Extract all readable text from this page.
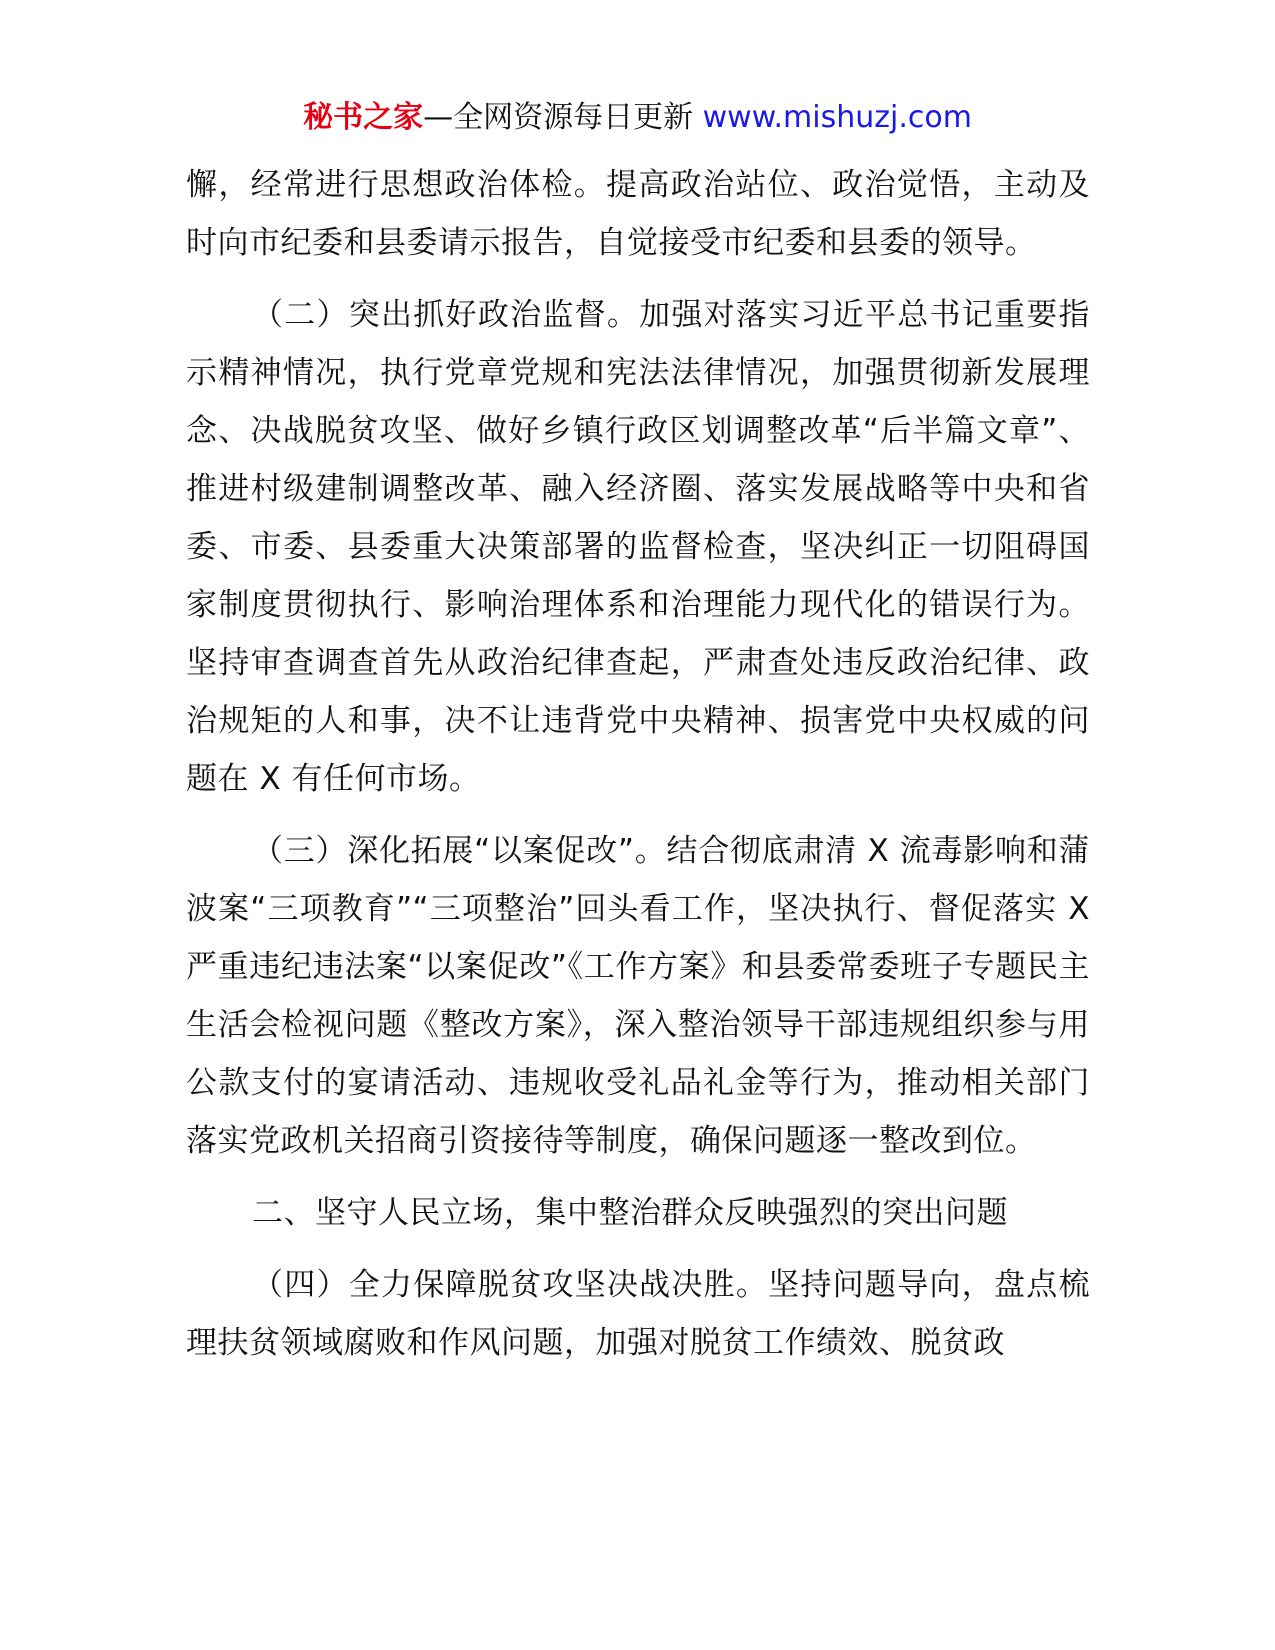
秘书之家—全网资源每日更新 www.mishuzj.com

懈，经常进行思想政治体检。提高政治站位、政治觉悟，主动及时向市纪委和县委请示报告，自觉接受市纪委和县委的领导。

（二）突出抓好政治监督。加强对落实习近平总书记重要指示精神情况，执行党章党规和宪法法律情况，加强贯彻新发展理念、决战脱贫攻坚、做好乡镇行政区划调整改革“后半篇文章”、推进村级建制调整改革、融入经济圈、落实发展战略等中央和省委、市委、县委重大决策部署的监督检查，坚决纠正一切阻碍国家制度贯彻执行、影响治理体系和治理能力现代化的错误行为。坚持审查调查首先从政治纪律查起，严肃查处违反政治纪律、政治规矩的人和事，决不让违背党中央精神、损害党中央权威的问题在 X 有任何市场。

（三）深化拓展“以案促改”。结合彻底肃清 X 流毒影响和蒲波案“三项教育”“三项整治”回头看工作，坚决执行、督促落实 X 严重违纪违法案“以案促改”《工作方案》和县委常委班子专题民主生活会检视问题《整改方案》，深入整治领导干部违规组织参与用公款支付的宴请活动、违规收受礼品礼金等行为，推动相关部门落实党政机关招商引资接待等制度，确保问题逐一整改到位。

二、坚守人民立场，集中整治群众反映强烈的突出问题

（四）全力保障脱贫攻坚决战决胜。坚持问题导向，盘点梳理扶贫领域腐败和作风问题，加强对脱贫工作绩效、脱贫政
